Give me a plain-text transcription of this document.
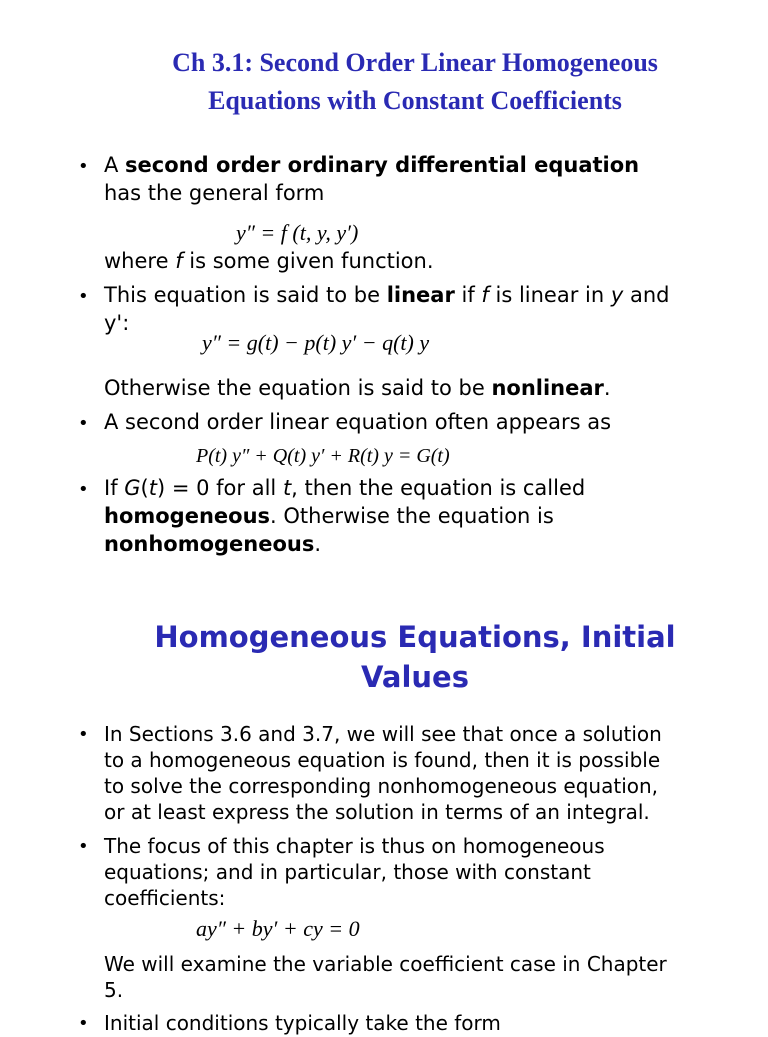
Ch 3.1: Second Order Linear Homogeneous
Equations with Constant Coefficients
• A second order ordinary differential equation
has the general form
y″ = f (t, y, y′)
where f is some given function.
• This equation is said to be linear if f is linear in y and
y':
y″ = g(t) − p(t) y′ − q(t) y
Otherwise the equation is said to be nonlinear.
• A second order linear equation often appears as
P(t) y″ + Q(t) y′ + R(t) y = G(t)
• If G(t) = 0 for all t, then the equation is called
homogeneous. Otherwise the equation is
nonhomogeneous.
Homogeneous Equations, Initial
Values
• In Sections 3.6 and 3.7, we will see that once a solution
to a homogeneous equation is found, then it is possible
to solve the corresponding nonhomogeneous equation,
or at least express the solution in terms of an integral.
• The focus of this chapter is thus on homogeneous
equations; and in particular, those with constant
coefficients:
ay″ + by′ + cy = 0
We will examine the variable coefficient case in Chapter
5.
• Initial conditions typically take the form
